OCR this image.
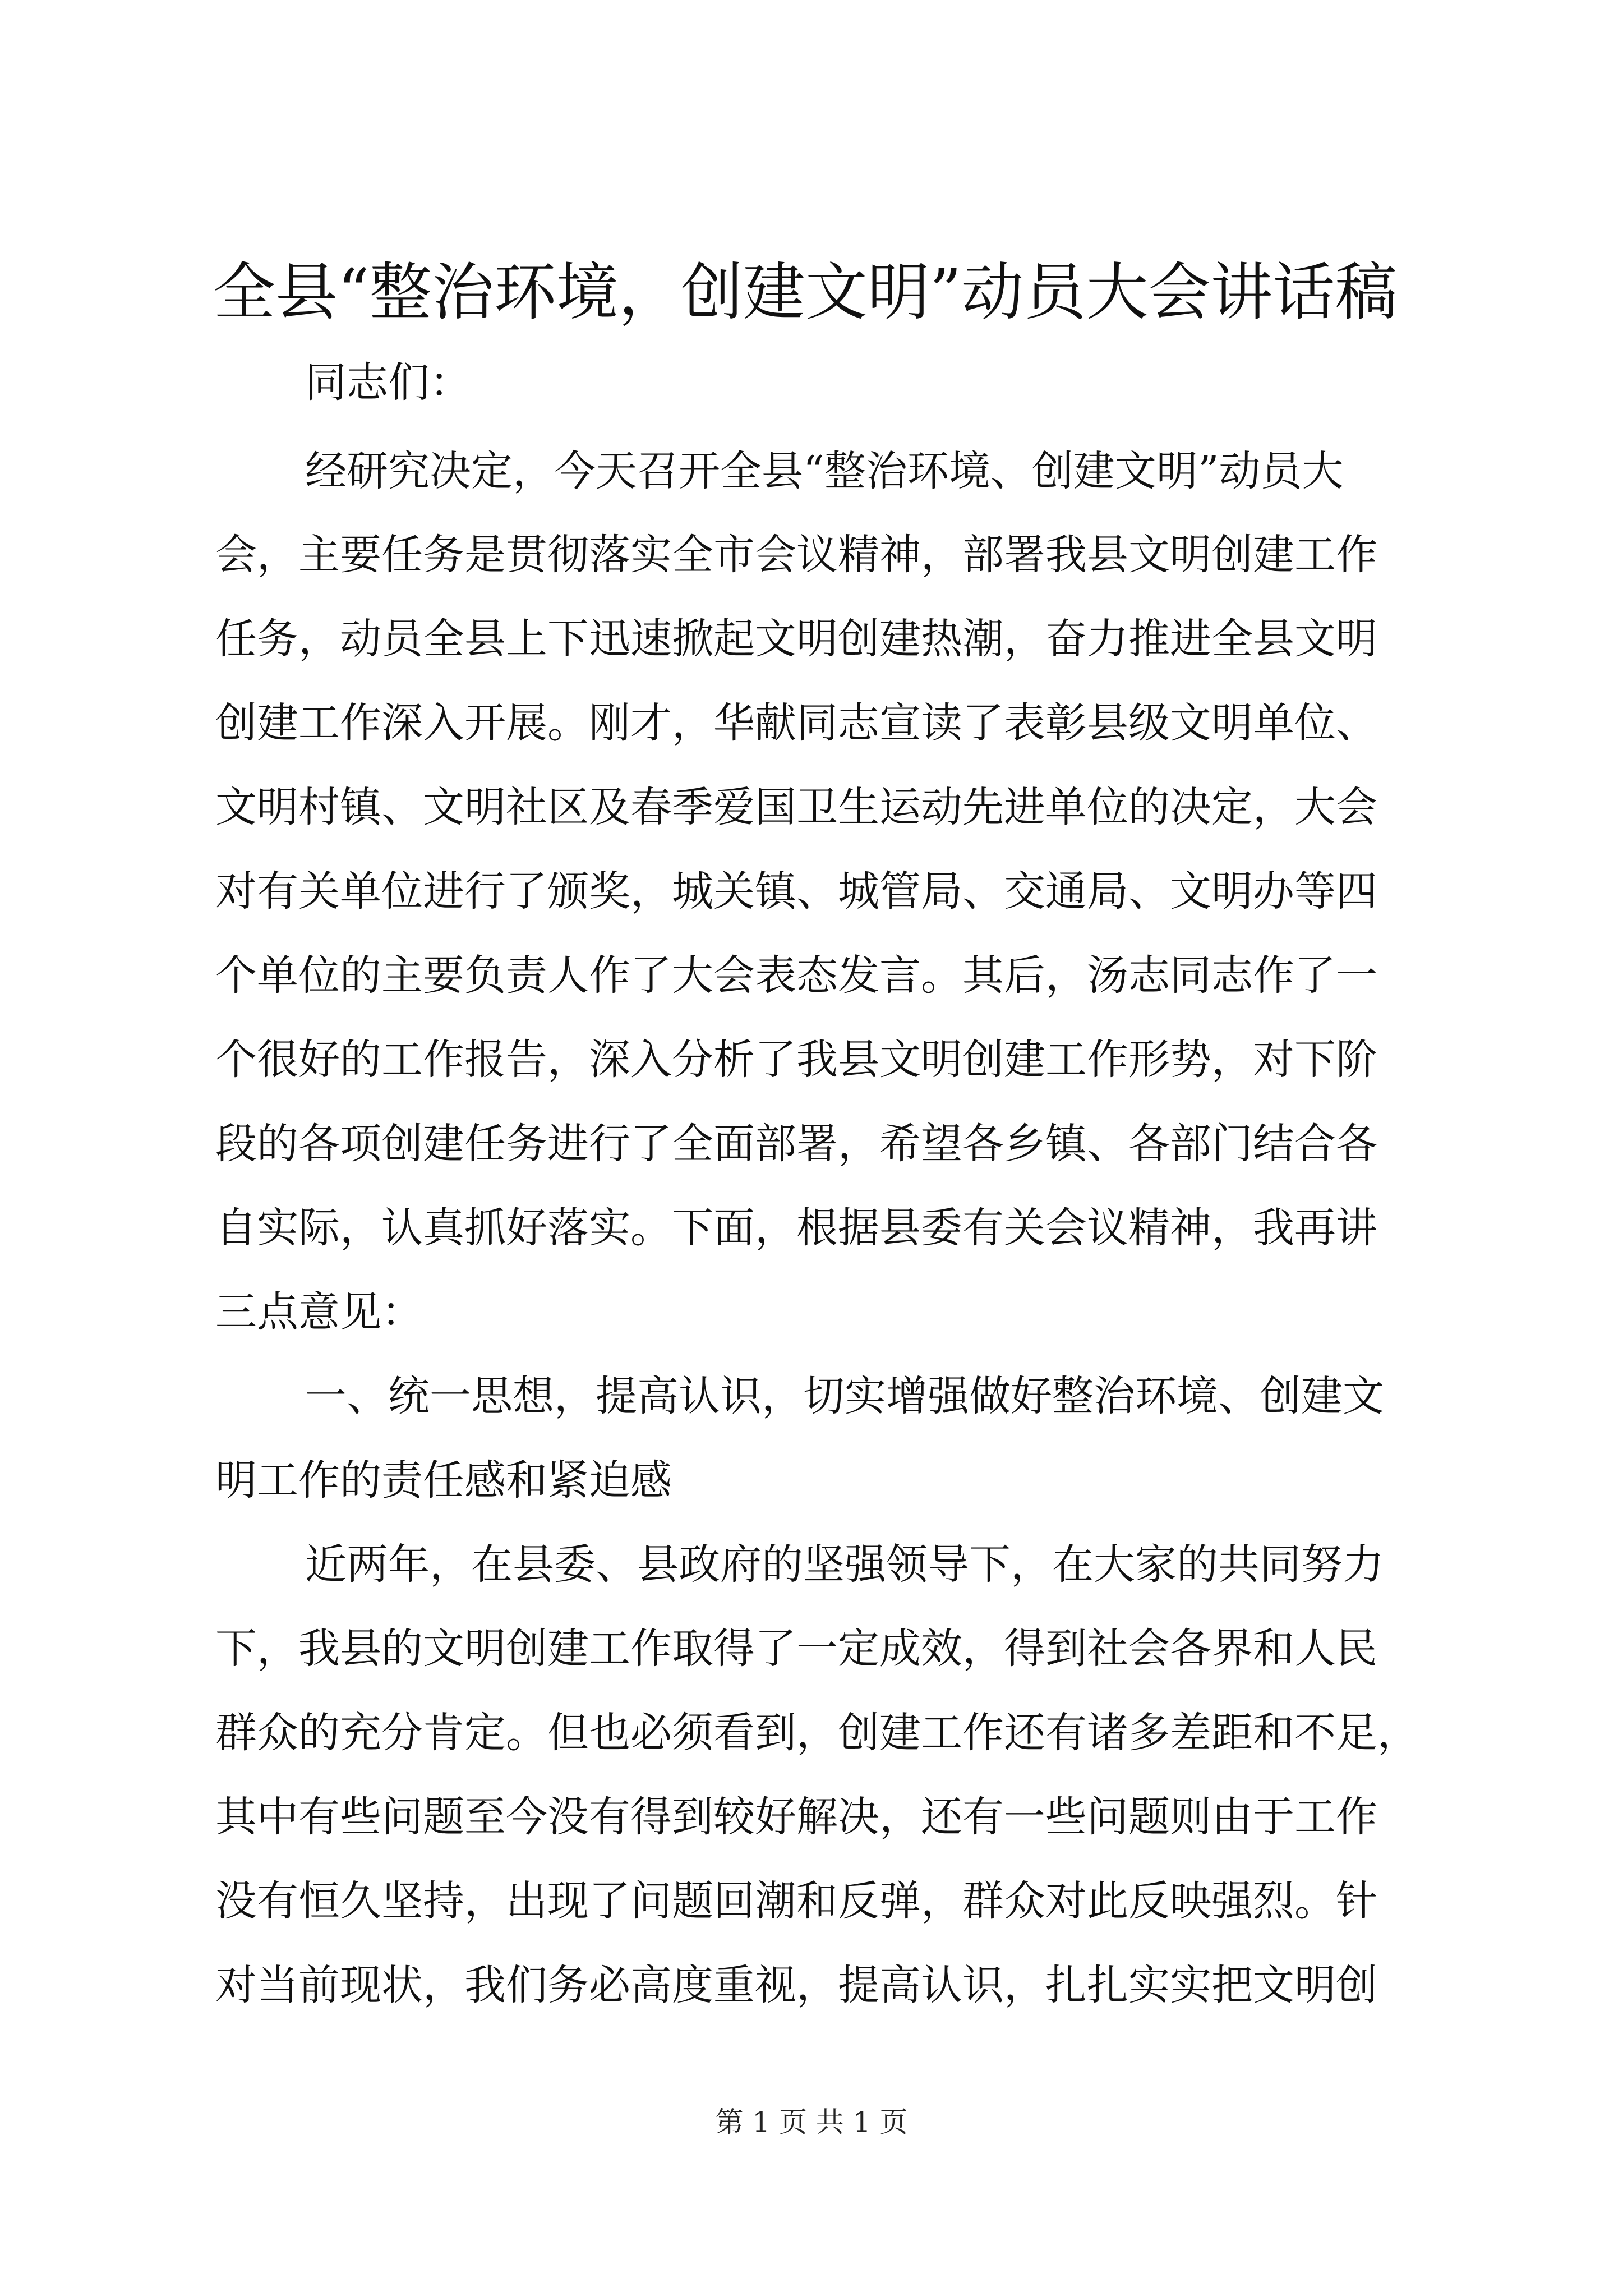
全县“整治环境，创建文明”动员大会讲话稿

同志们：

经研究决定，今天召开全县“整治环境、创建文明”动员大

会，主要任务是贯彻落实全市会议精神，部署我县文明创建工作

任务，动员全县上下迅速掀起文明创建热潮，奋力推进全县文明

创建工作深入开展。刚才，华献同志宣读了表彰县级文明单位、

文明村镇、文明社区及春季爱国卫生运动先进单位的决定，大会

对有关单位进行了颁奖，城关镇、城管局、交通局、文明办等四

个单位的主要负责人作了大会表态发言。其后，汤志同志作了一

个很好的工作报告，深入分析了我县文明创建工作形势，对下阶

段的各项创建任务进行了全面部署，希望各乡镇、各部门结合各

自实际，认真抓好落实。下面，根据县委有关会议精神，我再讲

三点意见：

一、统一思想，提高认识，切实增强做好整治环境、创建文

明工作的责任感和紧迫感

近两年，在县委、县政府的坚强领导下，在大家的共同努力

下，我县的文明创建工作取得了一定成效，得到社会各界和人民

群众的充分肯定。但也必须看到，创建工作还有诸多差距和不足，

其中有些问题至今没有得到较好解决，还有一些问题则由于工作

没有恒久坚持，出现了问题回潮和反弹，群众对此反映强烈。针

对当前现状，我们务必高度重视，提高认识，扎扎实实把文明创

第 1 页 共 1 页
